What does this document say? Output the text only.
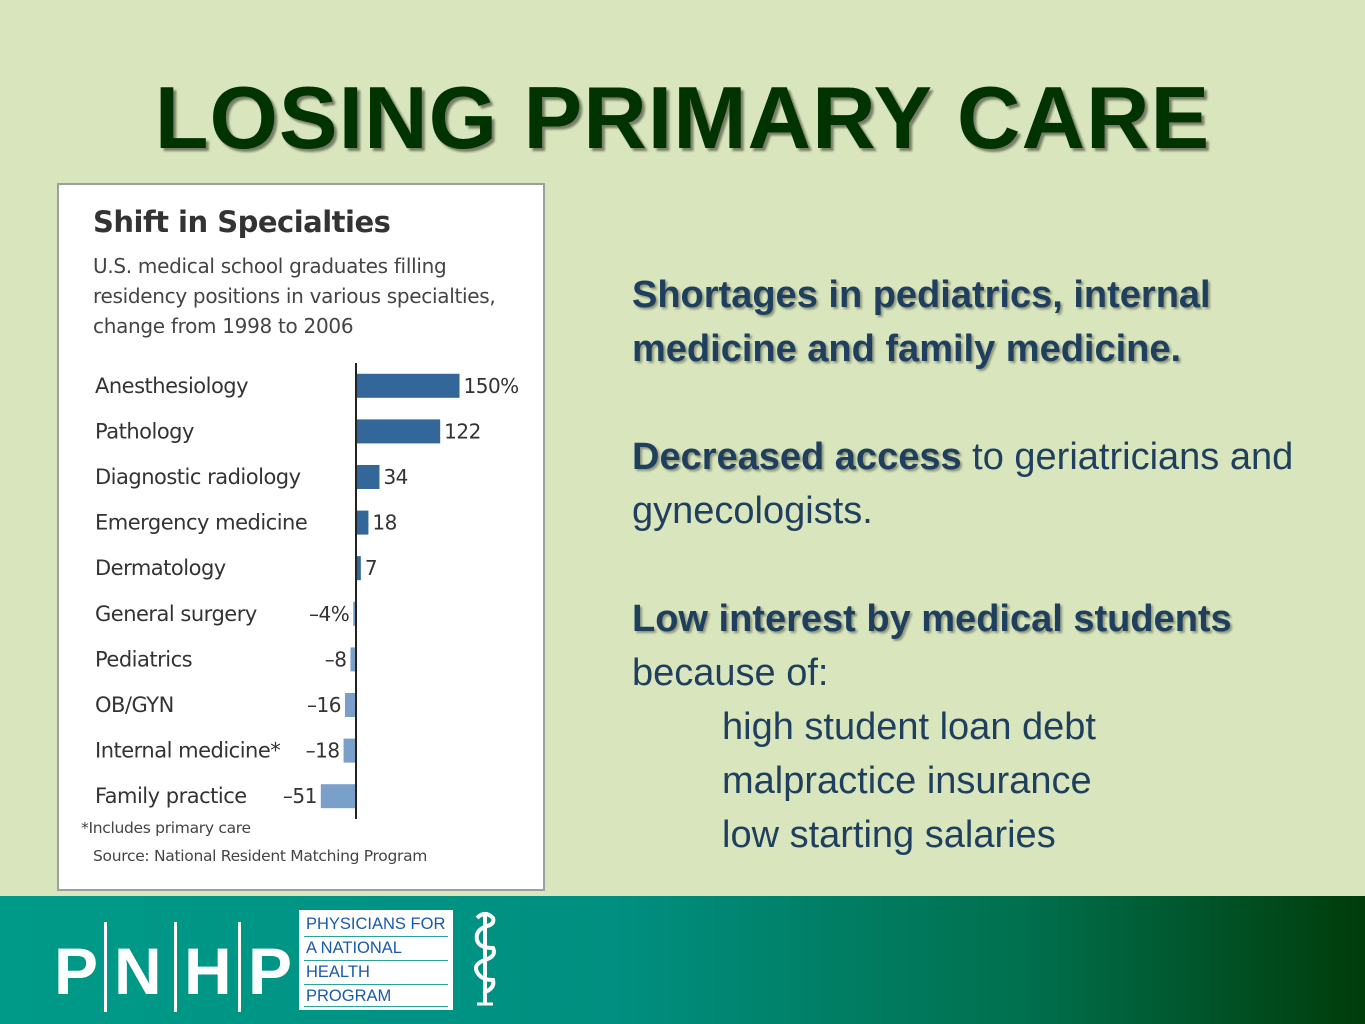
LOSING PRIMARY CARE
Shift in Specialties
U.S. medical school graduates filling residency positions in various specialties, change from 1998 to 2006
Anesthesiology	150%
Pathology	122
Diagnostic radiology	34
Emergency medicine	18
Dermatology	7
General surgery	–4%
Pediatrics	–8
OB/GYN	–16
Internal medicine* –18
Family practice –51
*Includes primary care
Source: National Resident Matching Program

Shortages in pediatrics, internal medicine and family medicine.

Decreased access to geriatricians and gynecologists.

Low interest by medical students because of:

high student loan debt
malpractice insurance
low starting salaries
P N H P
PHYSICIANS FOR
A NATIONAL
HEALTH
PROGRAM
